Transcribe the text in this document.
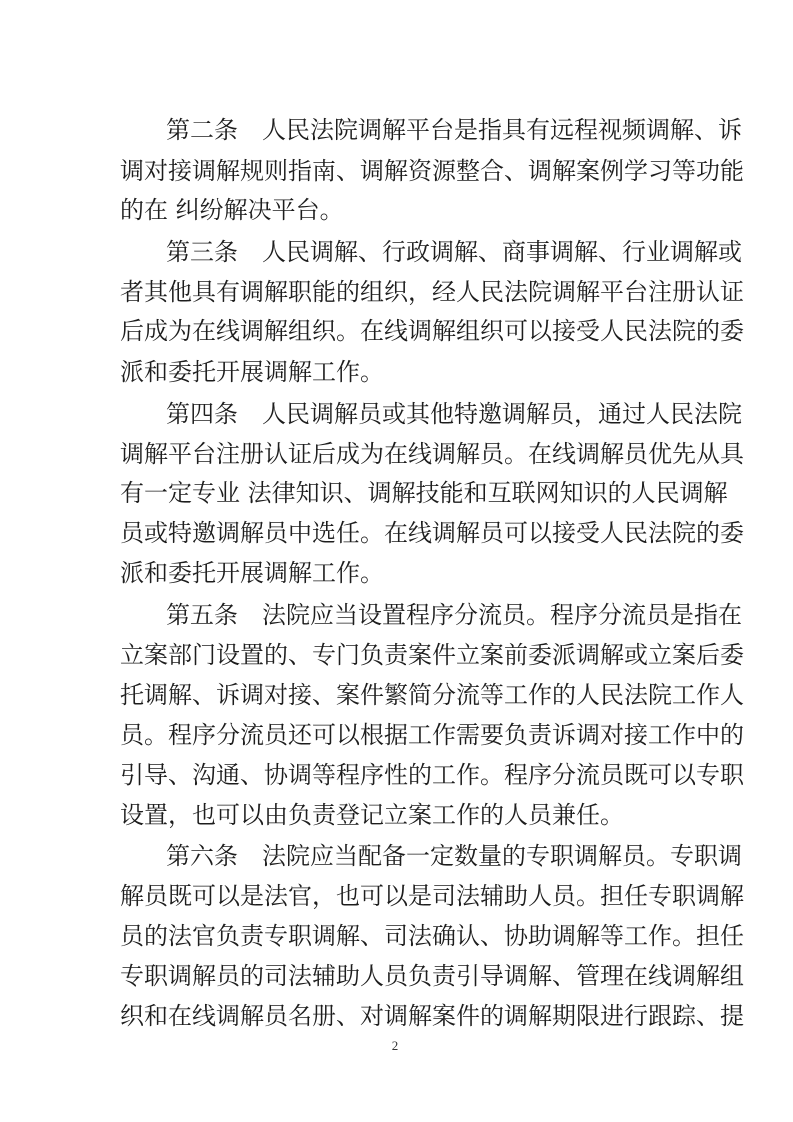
第二条　人民法院调解平台是指具有远程视频调解、诉
调对接调解规则指南、调解资源整合、调解案例学习等功能
的在 纠纷解决平台。
第三条　人民调解、行政调解、商事调解、行业调解或
者其他具有调解职能的组织，经人民法院调解平台注册认证
后成为在线调解组织。在线调解组织可以接受人民法院的委
派和委托开展调解工作。
第四条　人民调解员或其他特邀调解员，通过人民法院
调解平台注册认证后成为在线调解员。在线调解员优先从具
有一定专业 法律知识、调解技能和互联网知识的人民调解
员或特邀调解员中选任。在线调解员可以接受人民法院的委
派和委托开展调解工作。
第五条　法院应当设置程序分流员。程序分流员是指在
立案部门设置的、专门负责案件立案前委派调解或立案后委
托调解、诉调对接、案件繁简分流等工作的人民法院工作人
员。程序分流员还可以根据工作需要负责诉调对接工作中的
引导、沟通、协调等程序性的工作。程序分流员既可以专职
设置，也可以由负责登记立案工作的人员兼任。
第六条　法院应当配备一定数量的专职调解员。专职调
解员既可以是法官，也可以是司法辅助人员。担任专职调解
员的法官负责专职调解、司法确认、协助调解等工作。担任
专职调解员的司法辅助人员负责引导调解、管理在线调解组
织和在线调解员名册、对调解案件的调解期限进行跟踪、提
2
